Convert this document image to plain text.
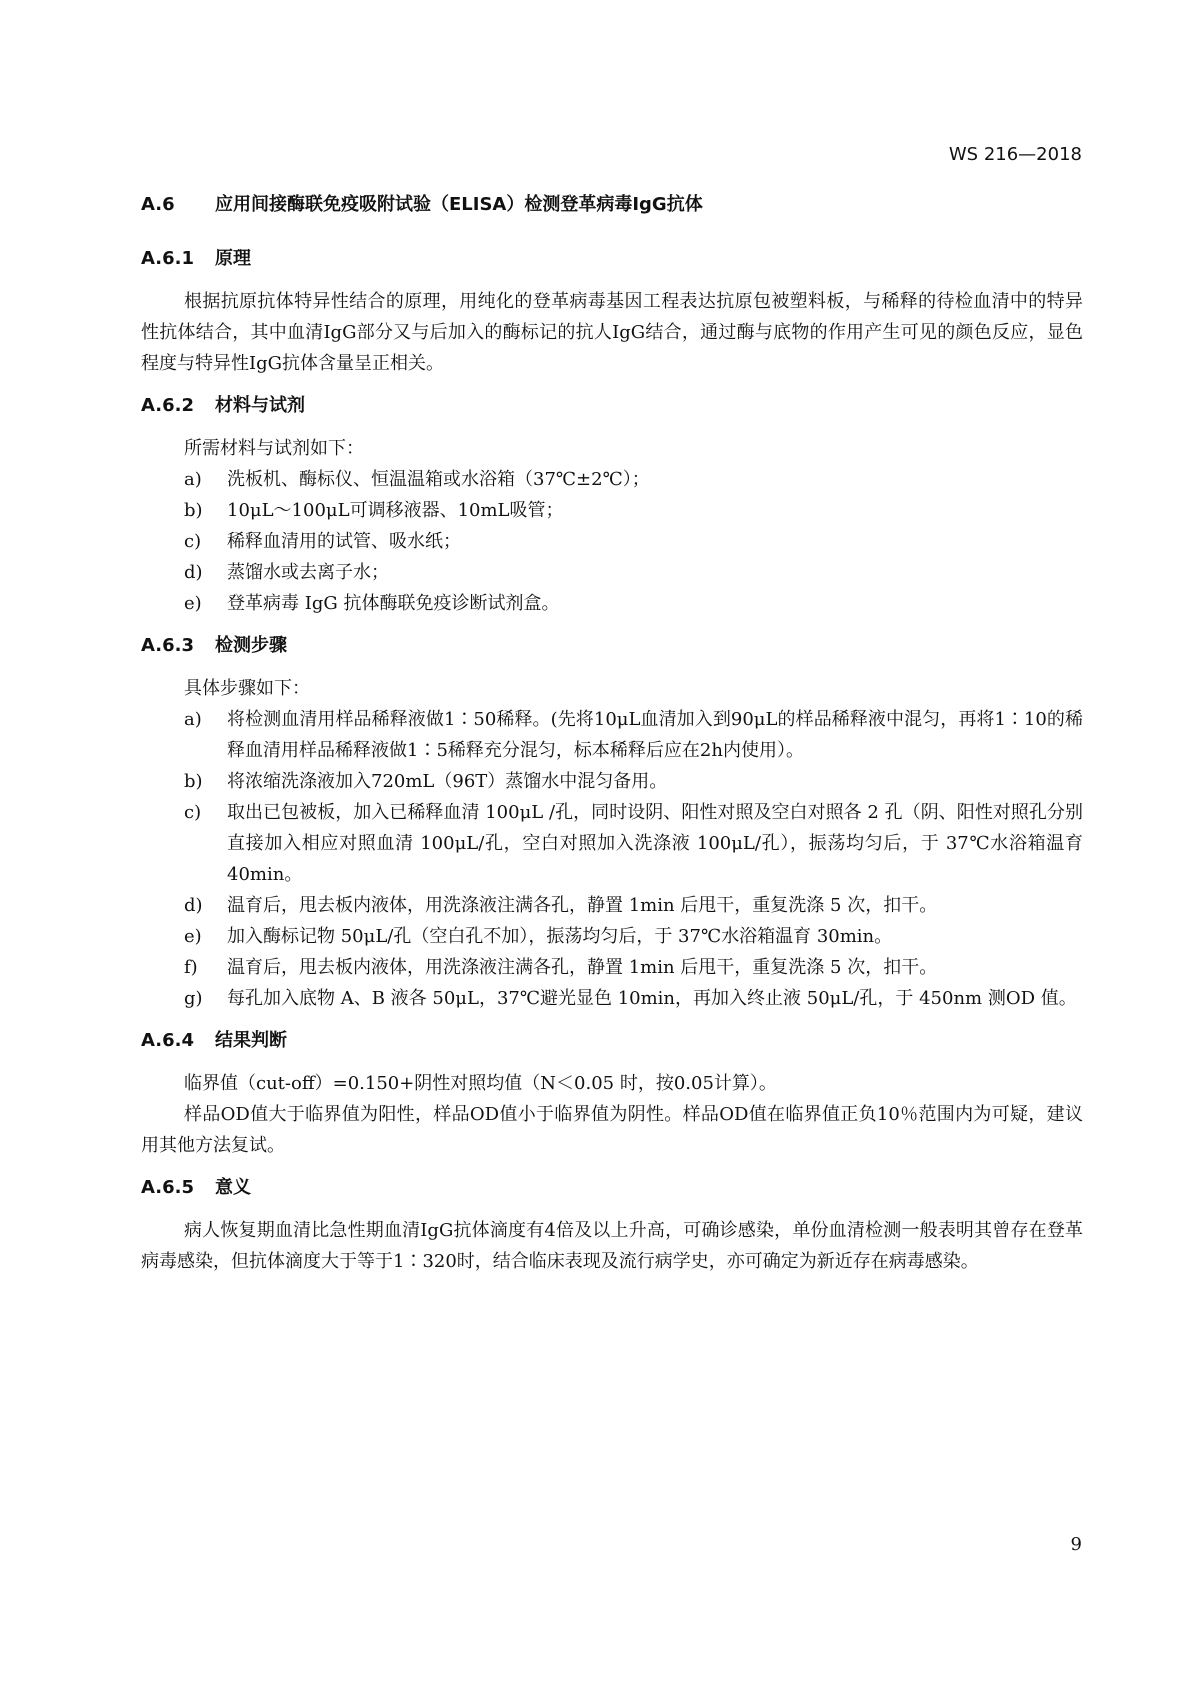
WS 216—2018
A.6 应用间接酶联免疫吸附试验（ELISA）检测登革病毒IgG抗体
A.6.1 原理

根据抗原抗体特异性结合的原理，用纯化的登革病毒基因工程表达抗原包被塑料板，与稀释的待检血清中的特异性抗体结合，其中血清IgG部分又与后加入的酶标记的抗人IgG结合，通过酶与底物的作用产生可见的颜色反应，显色程度与特异性IgG抗体含量呈正相关。

A.6.2 材料与试剂

所需材料与试剂如下：

a)	洗板机、酶标仪、恒温温箱或水浴箱（37℃±2℃）；
b)	10μL～100μL可调移液器、10mL吸管；
c)	稀释血清用的试管、吸水纸；
d)	蒸馏水或去离子水；
e)	登革病毒 IgG 抗体酶联免疫诊断试剂盒。
A.6.3 检测步骤

具体步骤如下：

a)	将检测血清用样品稀释液做1∶50稀释。(先将10μL血清加入到90μL的样品稀释液中混匀，再将1∶10的稀释血清用样品稀释液做1∶5稀释充分混匀，标本稀释后应在2h内使用）。
b)	将浓缩洗涤液加入720mL（96T）蒸馏水中混匀备用。
c)	取出已包被板，加入已稀释血清 100μL /孔，同时设阴、阳性对照及空白对照各 2 孔（阴、阳性对照孔分别直接加入相应对照血清 100μL/孔，空白对照加入洗涤液 100μL/孔），振荡均匀后，于 37℃水浴箱温育 40min。
d)	温育后，甩去板内液体，用洗涤液注满各孔，静置 1min 后甩干，重复洗涤 5 次，扣干。
e)	加入酶标记物 50μL/孔（空白孔不加），振荡均匀后，于 37℃水浴箱温育 30min。
f)	温育后，甩去板内液体，用洗涤液注满各孔，静置 1min 后甩干，重复洗涤 5 次，扣干。
g)	每孔加入底物 A、B 液各 50μL，37℃避光显色 10min，再加入终止液 50μL/孔，于 450nm 测OD 值。
A.6.4 结果判断

临界值（cut-off）=0.150+阴性对照均值（N＜0.05 时，按0.05计算）。

样品OD值大于临界值为阳性，样品OD值小于临界值为阴性。样品OD值在临界值正负10％范围内为可疑，建议用其他方法复试。

A.6.5 意义

病人恢复期血清比急性期血清IgG抗体滴度有4倍及以上升高，可确诊感染，单份血清检测一般表明其曾存在登革病毒感染，但抗体滴度大于等于1∶320时，结合临床表现及流行病学史，亦可确定为新近存在病毒感染。

9
